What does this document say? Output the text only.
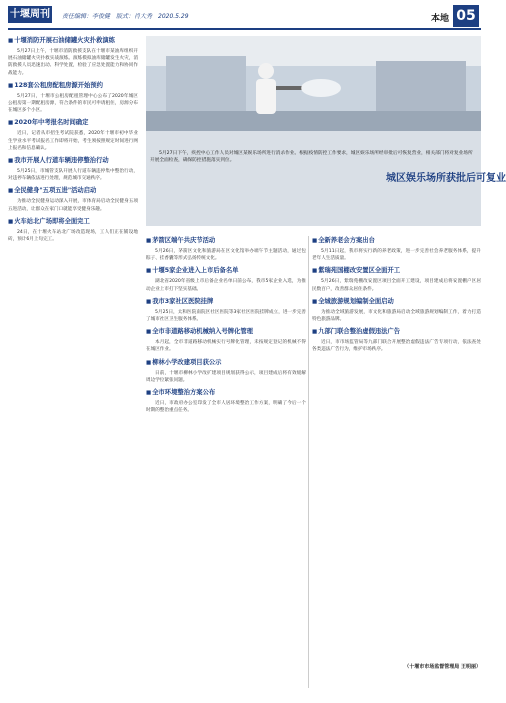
十堰周刊	责任编辑：李俊健　版式：肖大秀　2020.5.29	本地 05
城区娱乐场所获批后可复业
5月27日下午，疾控中心工作人员对城区某娱乐场所进行消杀作业。根据疫情防控工作要求，城区娱乐场所经审批后可恢复营业，相关部门将对复业场所开展全面检查，确保防控措施落实到位。
■ 十堰消防开展石油储罐火灾扑救演练
5月27日上午，十堰市消防救援支队在十堰市某油库组织开展石油储罐火灾扑救实战演练。演练模拟油库储罐发生火灾，消防救援人员迅速出动、科学处置，检验了应急处置能力和协同作战能力。
■ 128套公租房配租房源开始预约
5月27日，十堰市公租房配租管理中心公布了2020年城区公租房第一期配租房源，符合条件的市民可申请租住，房源分布在城区多个小区。
■ 2020年中考报名时间确定
近日，记者从市招生考试院获悉，2020年十堰市初中毕业生学业水平考试报名工作即将开始，考生须按照规定时间进行网上报名和信息确认。
■ 我市开展人行道车辆违停整治行动
5月25日，市城管支队开展人行道车辆违停集中整治行动，对违停车辆依法进行处理，规范城市交通秩序。
■ 全民健身"五项五进"活动启动
为推动全民健身运动深入开展，市体育局启动全民健身五项五进活动，让群众在家门口就能享受健身乐趣。
■ 火车站北广场即将全面完工
24日，在十堰火车站北广场改造现场，工人们正在铺设地砖，预计6月上旬完工。
■	茅箭区端午共庆节活动
5月26日，茅箭区文化和旅游局在区文化馆举办端午节主题活动，通过包粽子、挂香囊等形式弘扬传统文化。
■ 十堰5家企业进入上市后备名单
湖北省2020年省级上市后备企业名单日前公布，我市5家企业入选，为推动企业上市打下坚实基础。
■ 我市3家社区医院挂牌
5月25日，太和医院南院区社区医院等3家社区医院挂牌成立，进一步完善了城市社区卫生服务体系。
■ 全市非道路移动机械纳入号牌化管理
本月起，全市非道路移动机械实行号牌化管理，未按规定登记的机械不得在城区作业。
■ 柳林小学改建项目获公示
日前，十堰市柳林小学改扩建项目规划获得公示，项目建成后将有效缓解周边学位紧张问题。
■ 全市环境整治方案公布
近日，市政府办公室印发了全市人居环境整治工作方案，明确了今后一个时期的整治重点任务。
■ 全新养老会方案出台
5月11日起，我市将实行新的养老政策，进一步完善社会养老服务体系，提升老年人生活质量。
■ 紫瑞苑国棚改安置区全面开工
5月26日，紫瑞苑棚改安置区项目全面开工建设，项目建成后将安置棚户区居民数百户，改善群众居住条件。
■ 全城旅游规划编制全面启动
为推动全域旅游发展，市文化和旅游局启动全域旅游规划编制工作，着力打造特色旅游品牌。
■ 九部门联合整治虚假违法广告
近日，市市场监管局等九部门联合开展整治虚假违法广告专项行动，依法查处各类违法广告行为，维护市场秩序。
（十堰市市场监督管理局 王明丽）
